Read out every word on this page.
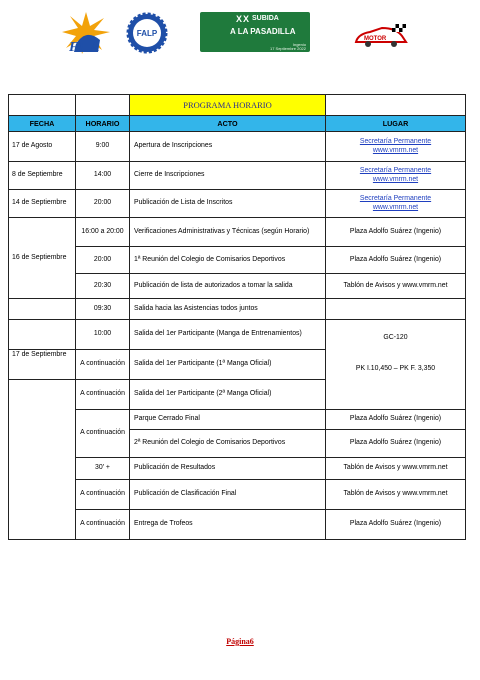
FI A
FALP
XX SUBIDA
A LA PASADILLA
Ingenio
17 Septiembre 2022
MOTOR
		PROGRAMA HORARIO	
FECHA	HORARIO	ACTO	LUGAR
17 de Agosto	9:00	Apertura de Inscripciones	Secretaría Permanente
www.vmrm.net
8 de Septiembre	14:00	Cierre de Inscripciones	Secretaría Permanente
www.vmrm.net
14 de Septiembre	20:00	Publicación de Lista de Inscritos	Secretaría Permanente
www.vmrm.net
16 de Septiembre	16:00 a 20:00	Verificaciones Administrativas y Técnicas (según Horario)	Plaza Adolfo Suárez (Ingenio)
	20:00	1ª Reunión del Colegio de Comisarios Deportivos	Plaza Adolfo Suárez (Ingenio)
	20:30	Publicación de lista de autorizados a tomar la salida	Tablón de Avisos y www.vmrm.net
	09:30	Salida hacia las Asistencias todos juntos	
	10:00	Salida del 1er Participante (Manga de Entrenamientos)	GC-120
PK I.10,450 – PK F. 3,350

17 de Septiembre	A continuación	Salida del 1er Participante (1ª Manga Oficial)	
	A continuación	Salida del 1er Participante (2ª Manga Oficial)	
	A continuación	Parque Cerrado Final	Plaza Adolfo Suárez (Ingenio)
		2ª Reunión del Colegio de Comisarios Deportivos	Plaza Adolfo Suárez (Ingenio)
	30' +	Publicación de Resultados	Tablón de Avisos y www.vmrm.net
	A continuación	Publicación de Clasificación Final	Tablón de Avisos y www.vmrm.net
	A continuación	Entrega de Trofeos	Plaza Adolfo Suárez (Ingenio)
Página6
